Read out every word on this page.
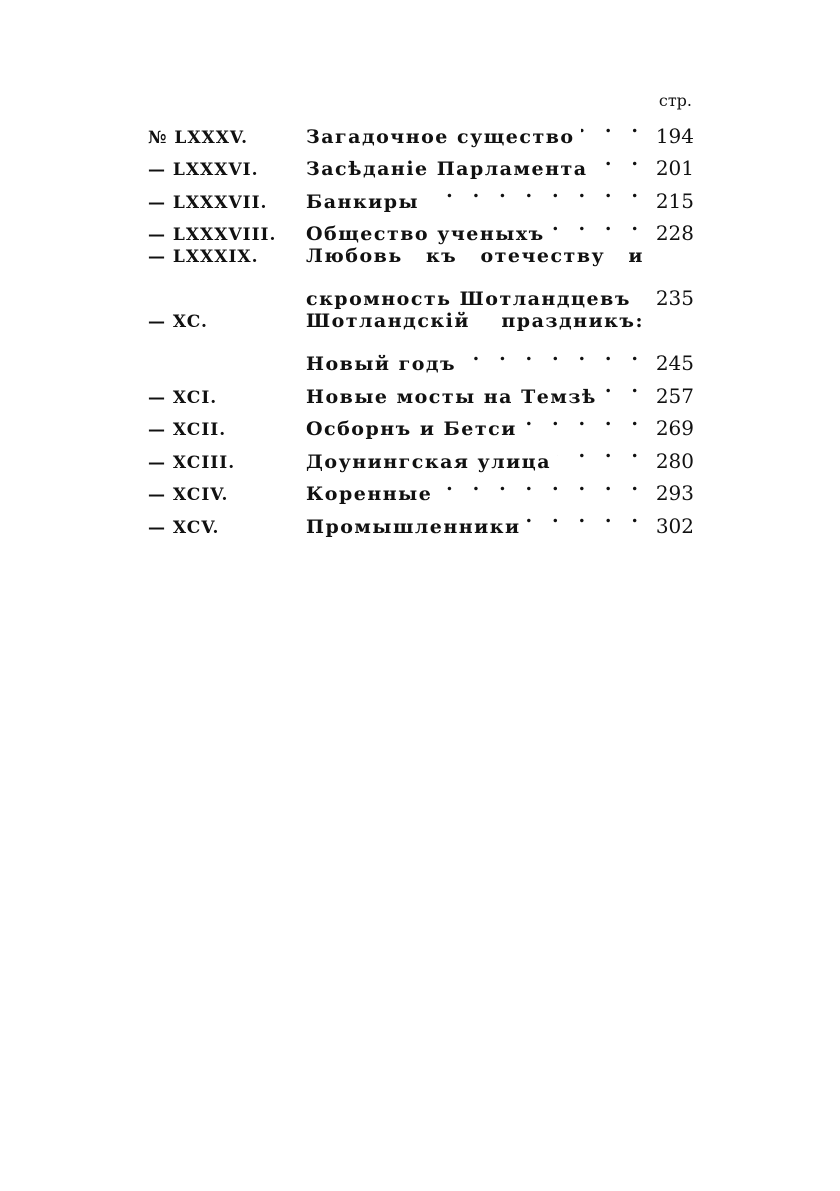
стр.
№ LXXXV.	Загадочное существо . .	194
— LXXXVI.	Засѣданіе Парламента . .	201
— LXXXVII.	Банкиры . .	215
— LXXXVIII.	Общество ученыхъ . .	228
— LXXXIX.	Любовь къ отечеству и
скромность Шотландцевъ . .	235
— XC.	Шотландскій праздникъ:
Новый годъ . .	245
— XCI.	Новые мосты на Темзѣ . .	257
— XCII.	Осборнъ и Бетси . .	269
— XCIII.	Доунингская улица . .	280
— XCIV.	Коренные . .	293
— XCV.	Промышленники . .	302
